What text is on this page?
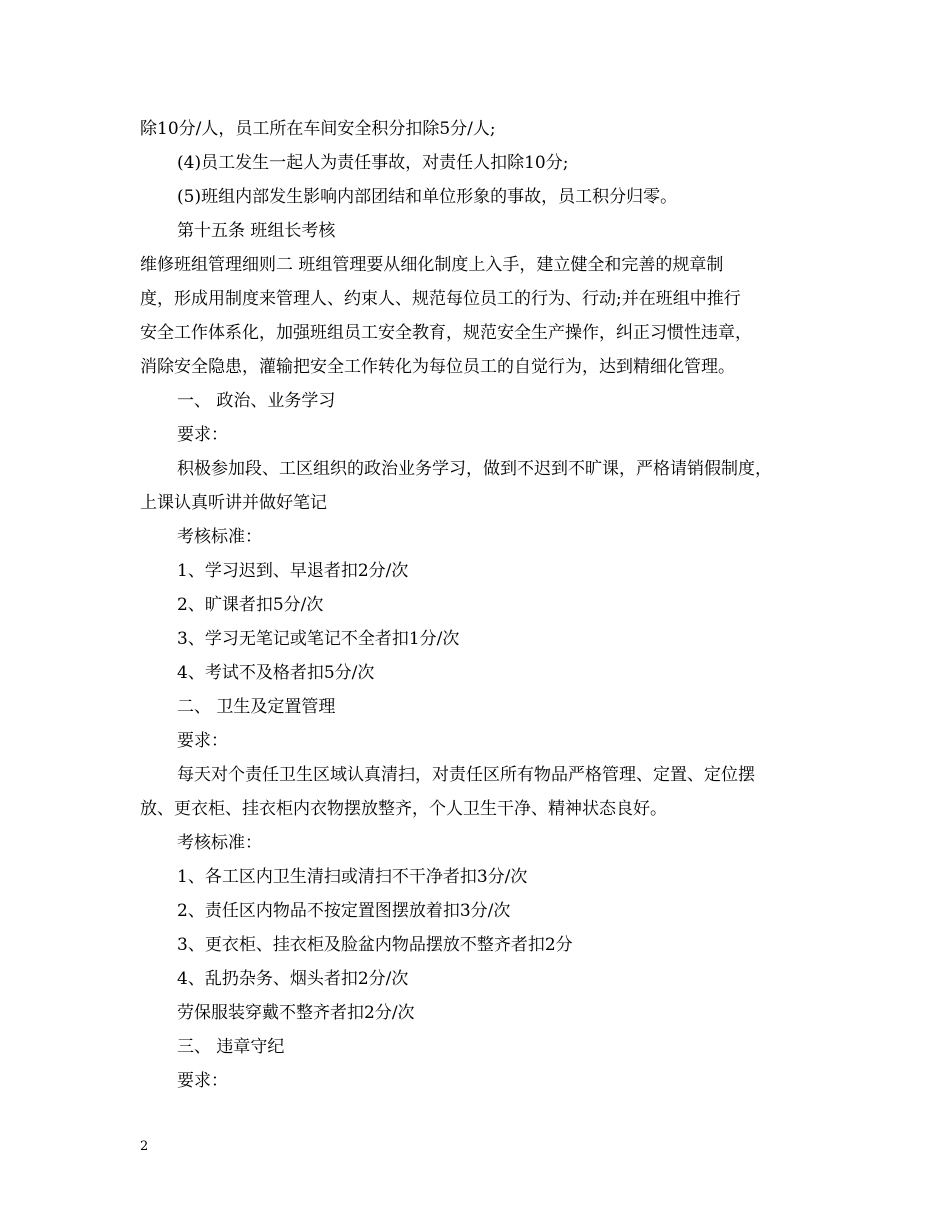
除10分/人，员工所在车间安全积分扣除5分/人;
(4)员工发生一起人为责任事故，对责任人扣除10分;
(5)班组内部发生影响内部团结和单位形象的事故，员工积分归零。
第十五条 班组长考核
维修班组管理细则二 班组管理要从细化制度上入手，建立健全和完善的规章制
度，形成用制度来管理人、约束人、规范每位员工的行为、行动;并在班组中推行
安全工作体系化，加强班组员工安全教育，规范安全生产操作，纠正习惯性违章，
消除安全隐患，灌输把安全工作转化为每位员工的自觉行为，达到精细化管理。
一、 政治、业务学习
要求：
积极参加段、工区组织的政治业务学习，做到不迟到不旷课，严格请销假制度，
上课认真听讲并做好笔记
考核标准：
1、学习迟到、早退者扣2分/次
2、旷课者扣5分/次
3、学习无笔记或笔记不全者扣1分/次
4、考试不及格者扣5分/次
二、 卫生及定置管理
要求：
每天对个责任卫生区域认真清扫，对责任区所有物品严格管理、定置、定位摆
放、更衣柜、挂衣柜内衣物摆放整齐，个人卫生干净、精神状态良好。
考核标准：
1、各工区内卫生清扫或清扫不干净者扣3分/次
2、责任区内物品不按定置图摆放着扣3分/次
3、更衣柜、挂衣柜及脸盆内物品摆放不整齐者扣2分
4、乱扔杂务、烟头者扣2分/次
劳保服装穿戴不整齐者扣2分/次
三、 违章守纪
要求：
2
